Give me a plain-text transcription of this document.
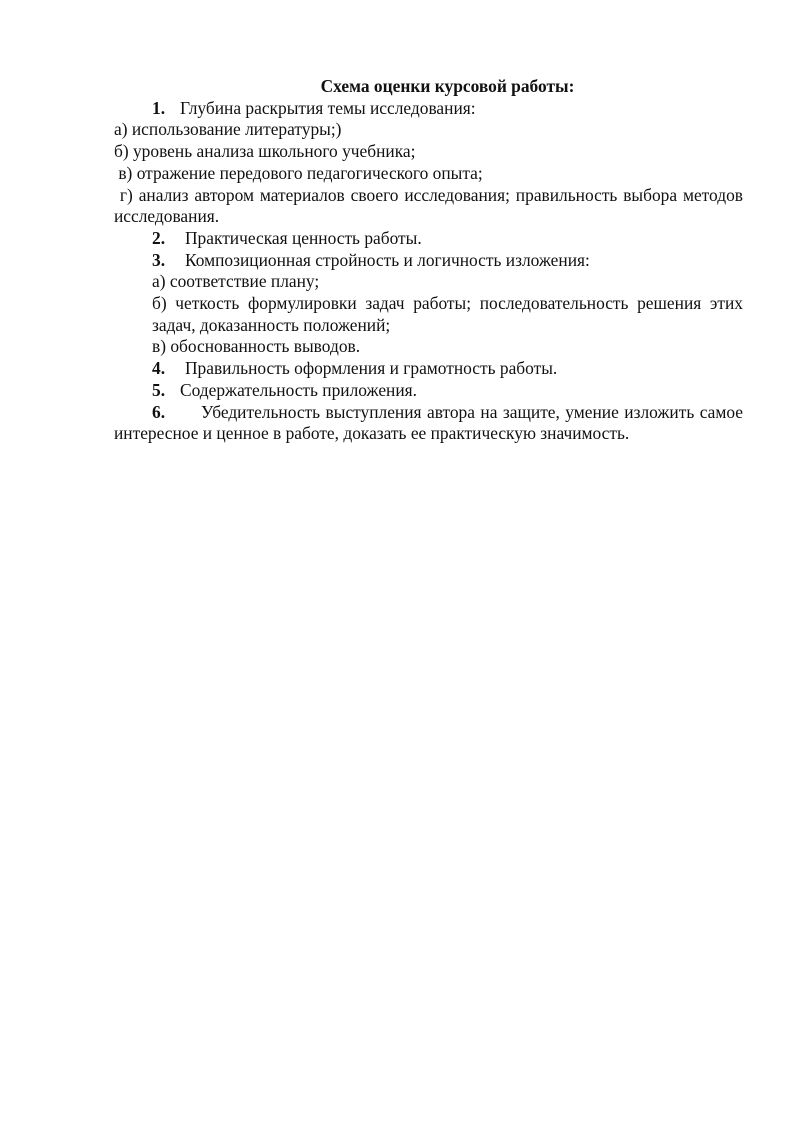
Схема оценки курсовой работы:

1. Глубина раскрытия темы исследования:

а) использование литературы;)

б) уровень анализа школьного учебника;

в) отражение передового педагогического опыта;

г) анализ автором материалов своего исследования; правильность выбора методов исследования.

2. Практическая ценность работы.

3. Композиционная стройность и логичность изложения:

а) соответствие плану;

б) четкость формулировки задач работы; последовательность решения этих задач, доказанность положений;

в) обоснованность выводов.

4. Правильность оформления и грамотность работы.

5. Содержательность приложения.

6. Убедительность выступления автора на защите, умение изложить самое интересное и ценное в работе, доказать ее практическую значимость.
